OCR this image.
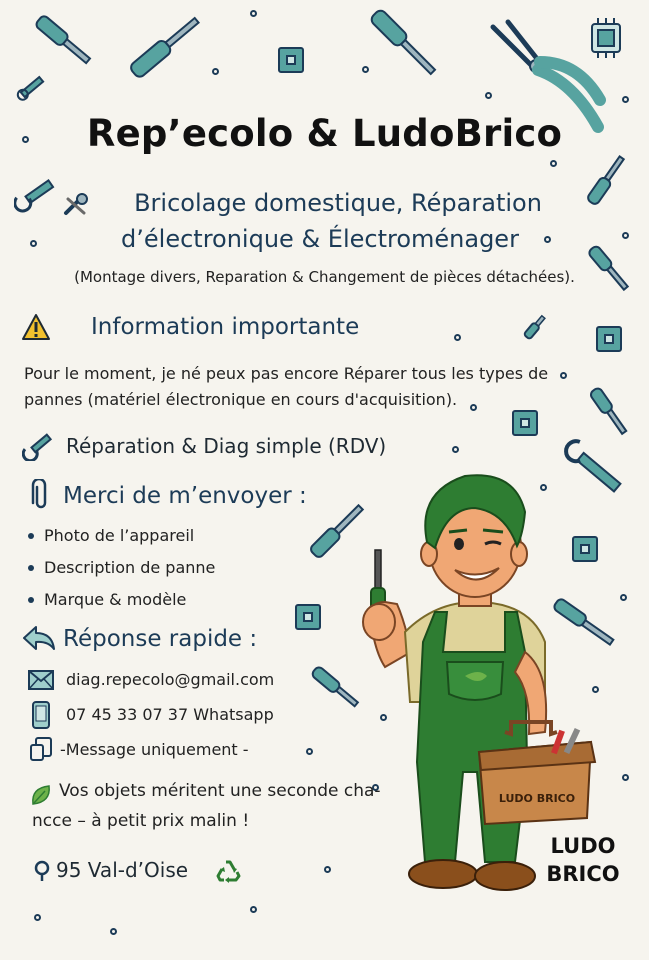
Rep’ecolo & LudoBrico
Bricolage domestique, Réparation
d’électronique & Électroménager
(Montage divers, Reparation & Changement de pièces détachées).
Information importante
Pour le moment, je né peux pas encore Réparer tous les types de pannes (matériel électronique en cours d'acquisition).
Réparation & Diag simple (RDV)
Merci de m’envoyer :
Photo de l’appareil
Description de panne
Marque & modèle
Réponse rapide :
diag.repecolo@gmail.com
07 45 33 07 37 Whatsapp
-Message uniquement -
Vos objets méritent une seconde cha-
ncce – à petit prix malin !
95 Val-d’Oise
LUDO BRICO
LUDO
BRICO
